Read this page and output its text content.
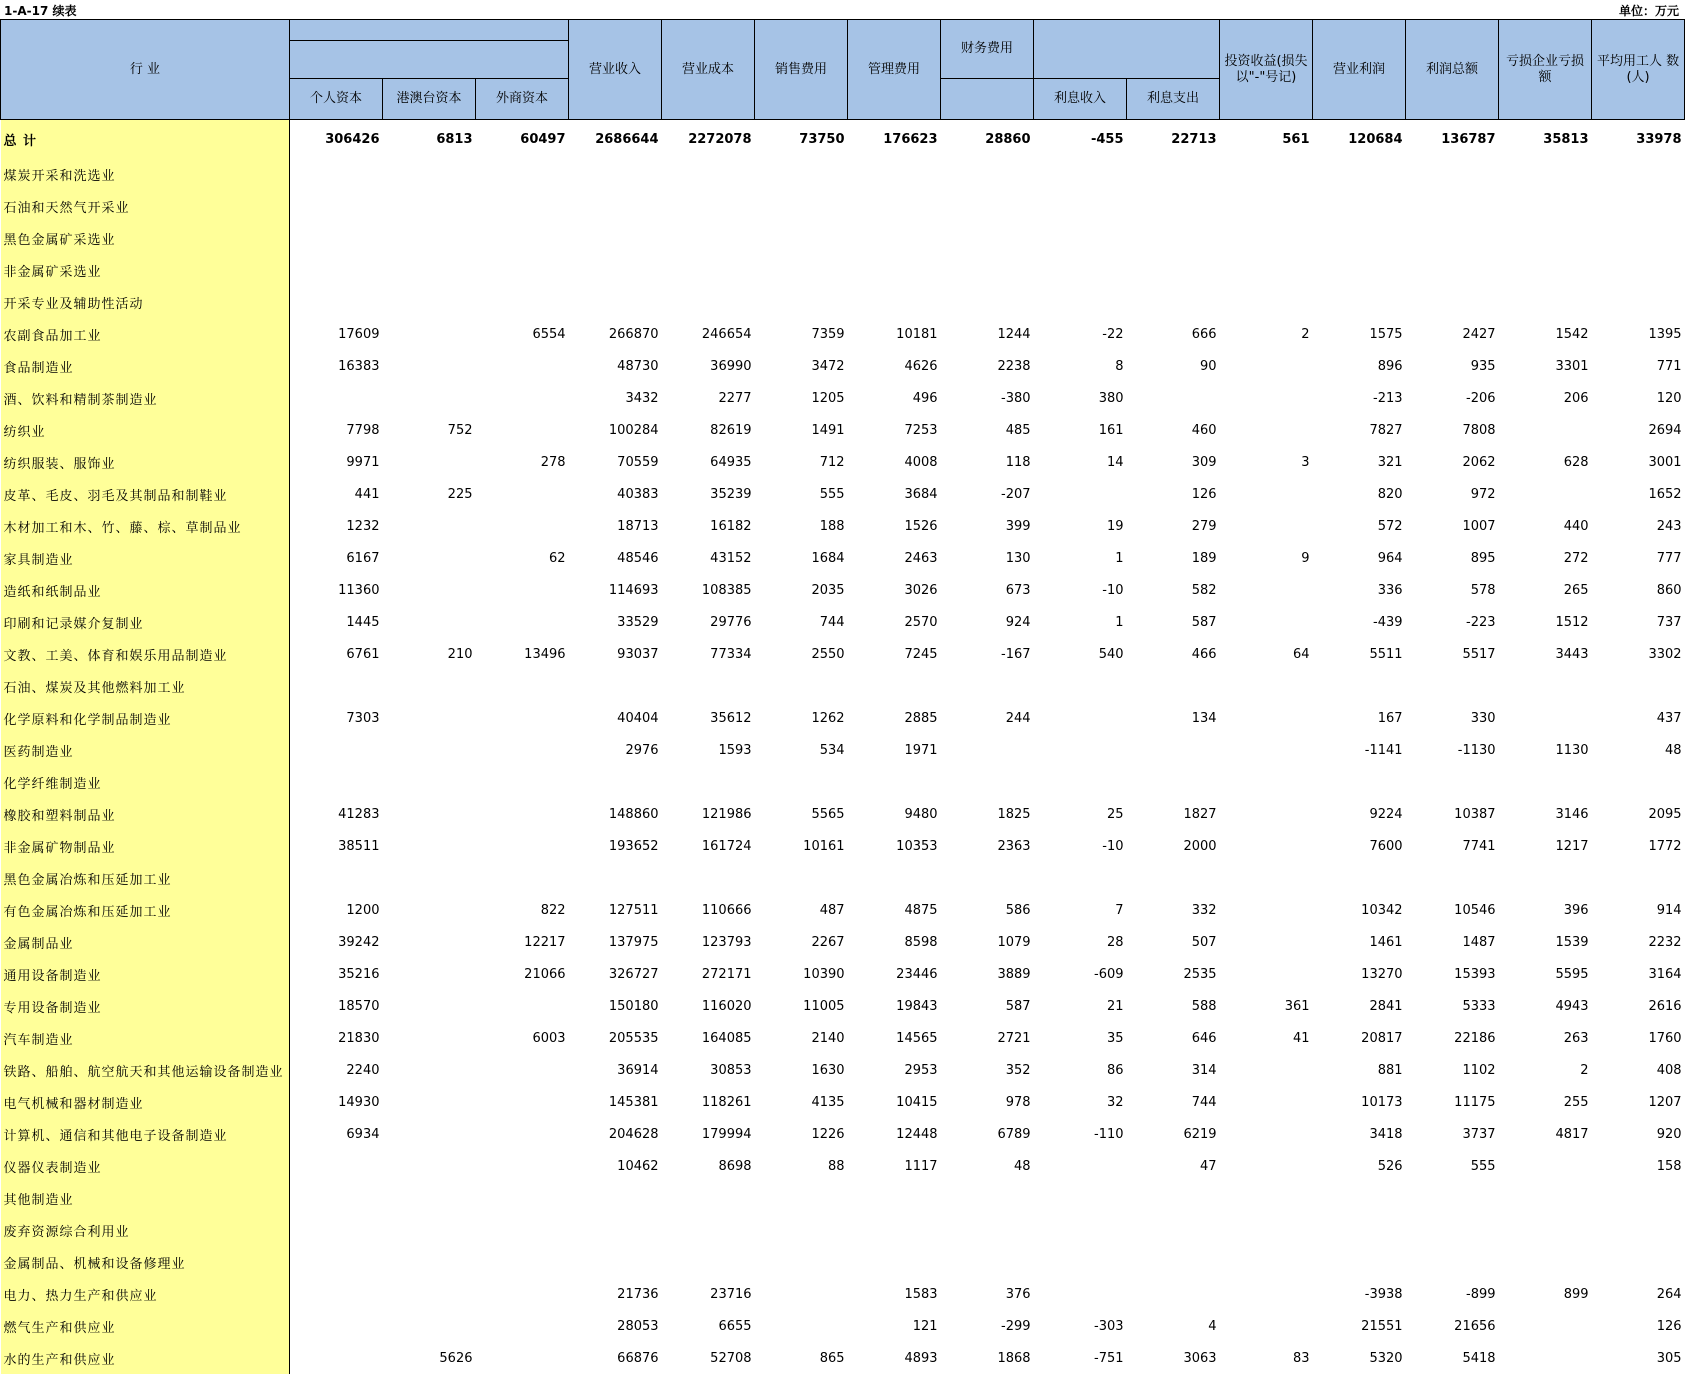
1-A-17 续表	单位：万元
行 业				营业收入	营业成本	销售费用	管理费用	财务费用			投资收益(损失以"-"号记)	营业利润	利润总额	亏损企业亏损额	平均用工人 数(人)

	个人资本	港澳台资本	外商资本						利息收入	利息支出					
总 计	306426	6813	60497	2686644	2272078	73750	176623	28860	-455	22713	561	120684	136787	35813	33978
煤炭开采和洗选业															
石油和天然气开采业															
黑色金属矿采选业															
非金属矿采选业															
开采专业及辅助性活动															
农副食品加工业	17609		6554	266870	246654	7359	10181	1244	-22	666	2	1575	2427	1542	1395
食品制造业	16383			48730	36990	3472	4626	2238	8	90		896	935	3301	771
酒、饮料和精制茶制造业				3432	2277	1205	496	-380	380			-213	-206	206	120
纺织业	7798	752		100284	82619	1491	7253	485	161	460		7827	7808		2694
纺织服装、服饰业	9971		278	70559	64935	712	4008	118	14	309	3	321	2062	628	3001
皮革、毛皮、羽毛及其制品和制鞋业	441	225		40383	35239	555	3684	-207		126		820	972		1652
木材加工和木、竹、藤、棕、草制品业	1232			18713	16182	188	1526	399	19	279		572	1007	440	243
家具制造业	6167		62	48546	43152	1684	2463	130	1	189	9	964	895	272	777
造纸和纸制品业	11360			114693	108385	2035	3026	673	-10	582		336	578	265	860
印刷和记录媒介复制业	1445			33529	29776	744	2570	924	1	587		-439	-223	1512	737
文教、工美、体育和娱乐用品制造业	6761	210	13496	93037	77334	2550	7245	-167	540	466	64	5511	5517	3443	3302
石油、煤炭及其他燃料加工业															
化学原料和化学制品制造业	7303			40404	35612	1262	2885	244		134		167	330		437
医药制造业				2976	1593	534	1971					-1141	-1130	1130	48
化学纤维制造业															
橡胶和塑料制品业	41283			148860	121986	5565	9480	1825	25	1827		9224	10387	3146	2095
非金属矿物制品业	38511			193652	161724	10161	10353	2363	-10	2000		7600	7741	1217	1772
黑色金属冶炼和压延加工业															
有色金属冶炼和压延加工业	1200		822	127511	110666	487	4875	586	7	332		10342	10546	396	914
金属制品业	39242		12217	137975	123793	2267	8598	1079	28	507		1461	1487	1539	2232
通用设备制造业	35216		21066	326727	272171	10390	23446	3889	-609	2535		13270	15393	5595	3164
专用设备制造业	18570			150180	116020	11005	19843	587	21	588	361	2841	5333	4943	2616
汽车制造业	21830		6003	205535	164085	2140	14565	2721	35	646	41	20817	22186	263	1760
铁路、船舶、航空航天和其他运输设备制造业	2240			36914	30853	1630	2953	352	86	314		881	1102	2	408
电气机械和器材制造业	14930			145381	118261	4135	10415	978	32	744		10173	11175	255	1207
计算机、通信和其他电子设备制造业	6934			204628	179994	1226	12448	6789	-110	6219		3418	3737	4817	920
仪器仪表制造业				10462	8698	88	1117	48		47		526	555		158
其他制造业															
废弃资源综合利用业															
金属制品、机械和设备修理业															
电力、热力生产和供应业				21736	23716		1583	376				-3938	-899	899	264
燃气生产和供应业				28053	6655		121	-299	-303	4		21551	21656		126
水的生产和供应业		5626		66876	52708	865	4893	1868	-751	3063	83	5320	5418		305
